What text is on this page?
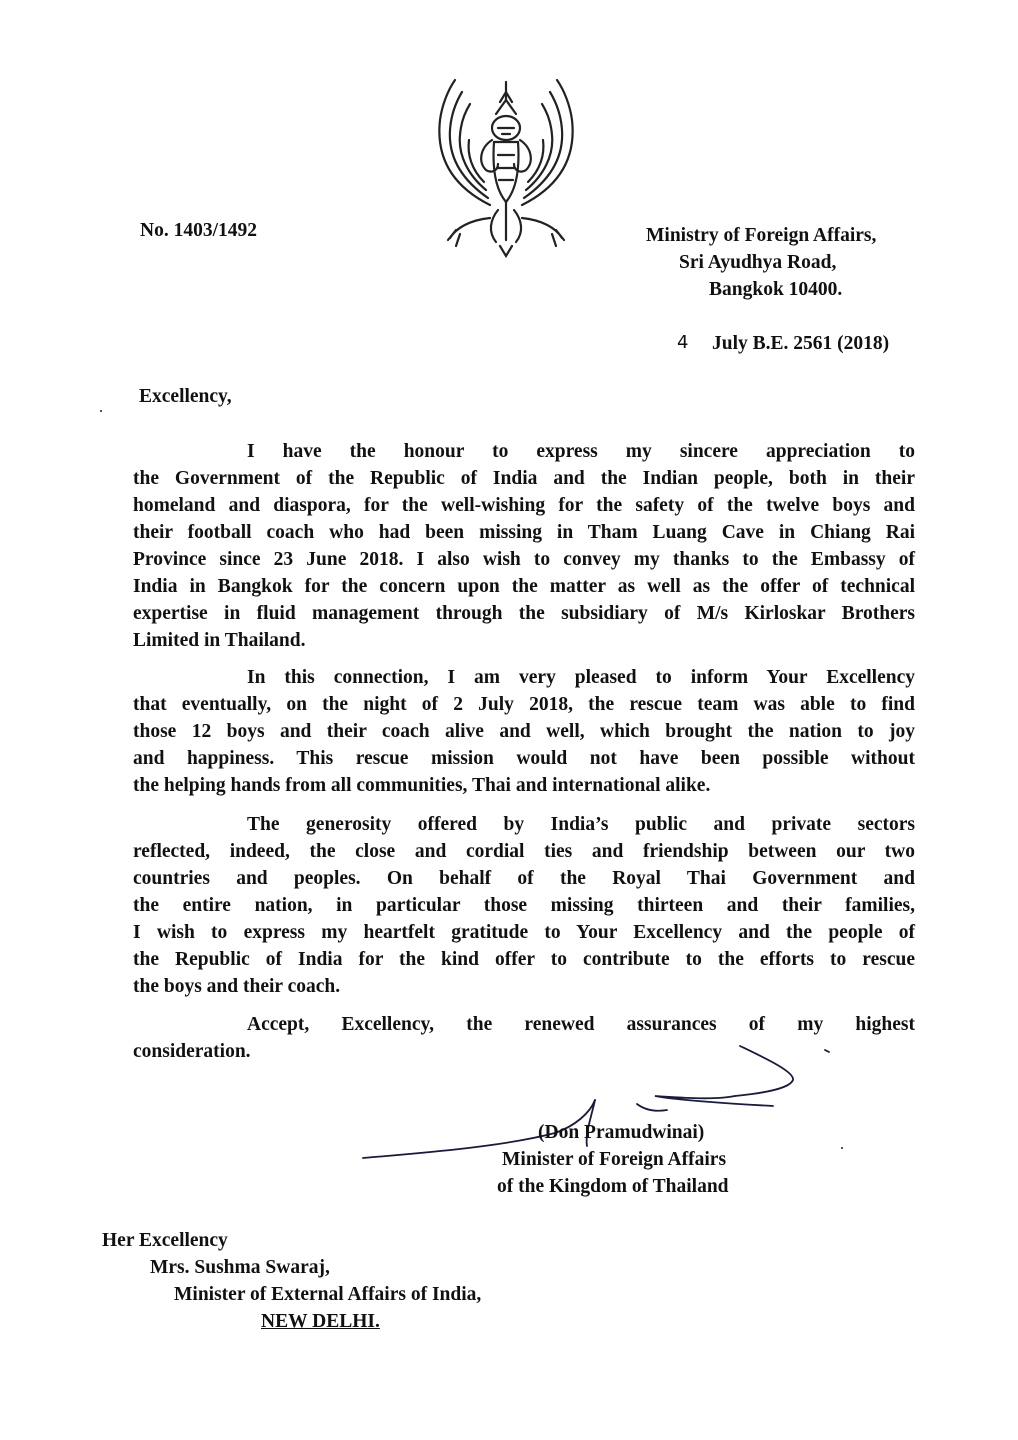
No. 1403/1492	Ministry of Foreign Affairs,
Sri Ayudhya Road,
Bangkok 10400.
4 July B.E. 2561 (2018)
Excellency,
I have the honour to express my sincere appreciation to
the Government of the Republic of India and the Indian people, both in their
homeland and diaspora, for the well-wishing for the safety of the twelve boys and
their football coach who had been missing in Tham Luang Cave in Chiang Rai
Province since 23 June 2018. I also wish to convey my thanks to the Embassy of
India in Bangkok for the concern upon the matter as well as the offer of technical
expertise in fluid management through the subsidiary of M/s Kirloskar Brothers
Limited in Thailand.
In this connection, I am very pleased to inform Your Excellency
that eventually, on the night of 2 July 2018, the rescue team was able to find
those 12 boys and their coach alive and well, which brought the nation to joy
and happiness. This rescue mission would not have been possible without
the helping hands from all communities, Thai and international alike.
The generosity offered by India’s public and private sectors
reflected, indeed, the close and cordial ties and friendship between our two
countries and peoples. On behalf of the Royal Thai Government and
the entire nation, in particular those missing thirteen and their families,
I wish to express my heartfelt gratitude to Your Excellency and the people of
the Republic of India for the kind offer to contribute to the efforts to rescue
the boys and their coach.
Accept, Excellency, the renewed assurances of my highest
consideration.
(Don Pramudwinai)
Minister of Foreign Affairs
of the Kingdom of Thailand
Her Excellency
Mrs. Sushma Swaraj,
Minister of External Affairs of India,
NEW DELHI.
